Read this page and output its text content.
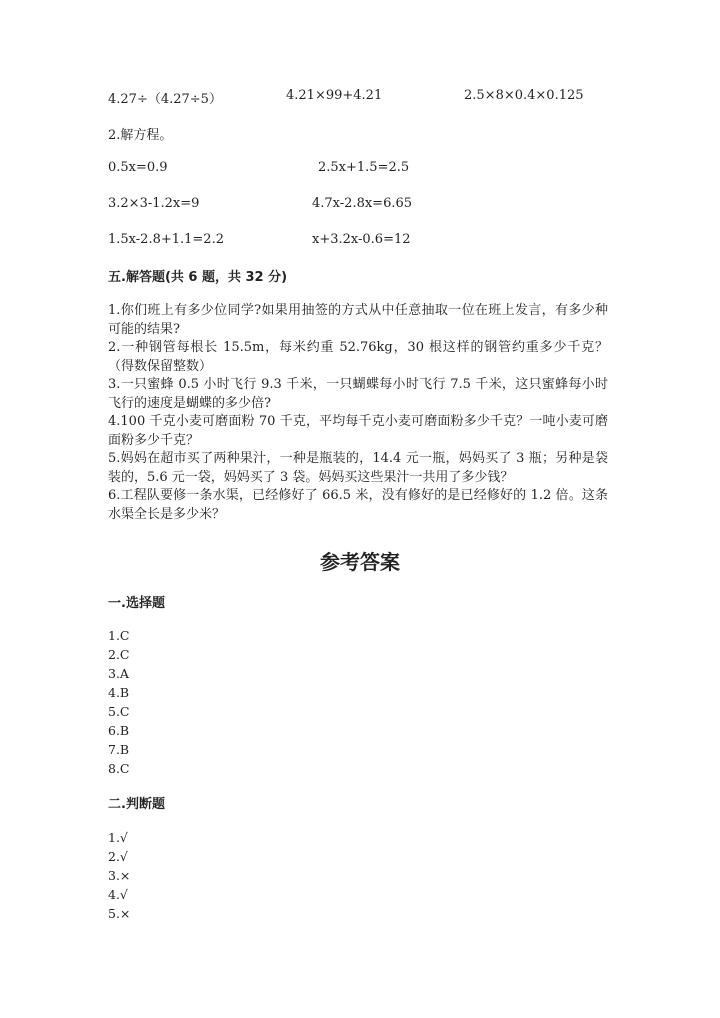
4.27÷（4.27÷5）	4.21×99+4.21	2.5×8×0.4×0.125
2.解方程。
0.5x=0.9	2.5x+1.5=2.5
3.2×3-1.2x=9	4.7x-2.8x=6.65
1.5x-2.8+1.1=2.2	x+3.2x-0.6=12
五.解答题(共 6 题，共 32 分)
1.你们班上有多少位同学?如果用抽签的方式从中任意抽取一位在班上发言，有多少种可能的结果?
2.一种钢管每根长 15.5m，每米约重 52.76kg，30 根这样的钢管约重多少千克？（得数保留整数）
3.一只蜜蜂 0.5 小时飞行 9.3 千米，一只蝴蝶每小时飞行 7.5 千米，这只蜜蜂每小时飞行的速度是蝴蝶的多少倍?
4.100 千克小麦可磨面粉 70 千克，平均每千克小麦可磨面粉多少千克？一吨小麦可磨面粉多少千克？
5.妈妈在超市买了两种果汁，一种是瓶装的，14.4 元一瓶，妈妈买了 3 瓶；另种是袋装的，5.6 元一袋，妈妈买了 3 袋。妈妈买这些果汁一共用了多少钱？
6.工程队要修一条水渠，已经修好了 66.5 米，没有修好的是已经修好的 1.2 倍。这条水渠全长是多少米？
参考答案
一.选择题
1.C
2.C
3.A
4.B
5.C
6.B
7.B
8.C
二.判断题
1.√
2.√
3.×
4.√
5.×
